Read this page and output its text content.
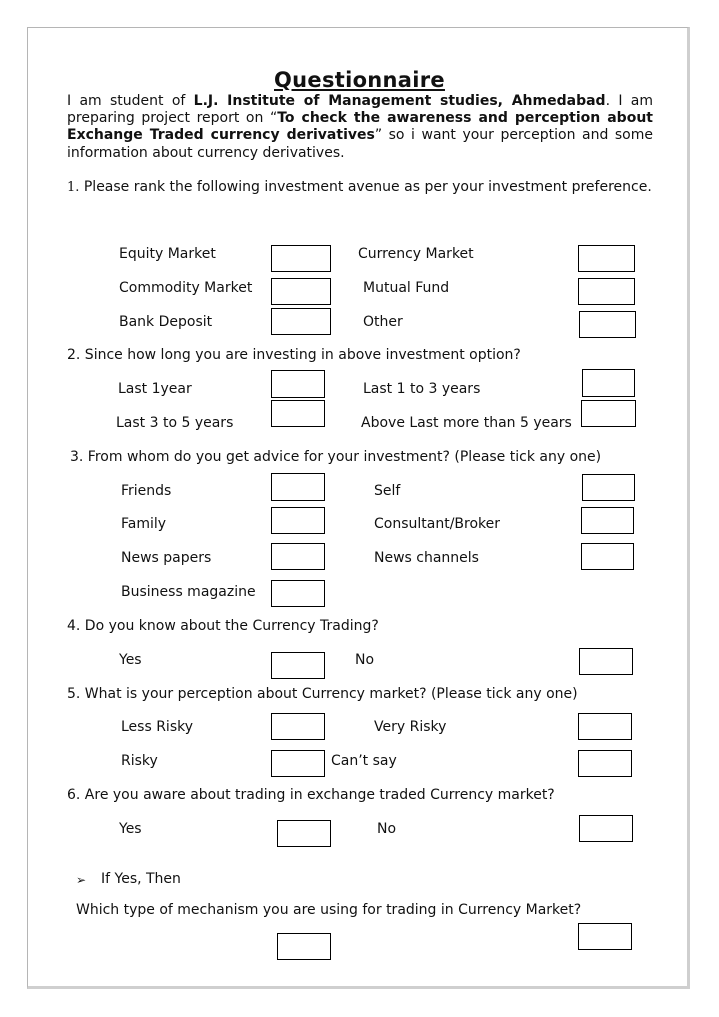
Questionnaire
I am student of L.J. Institute of Management studies, Ahmedabad. I am preparing project report on “To check the awareness and perception about Exchange Traded currency derivatives” so i want your perception and some information about currency derivatives.
1. Please rank the following investment avenue as per your investment preference.
Equity Market	Currency Market
Commodity Market	Mutual Fund
Bank Deposit	Other
2. Since how long you are investing in above investment option?
Last 1year	Last 1 to 3 years
Last 3 to 5 years	Above Last more than 5 years
3. From whom do you get advice for your investment? (Please tick any one)
Friends	Self
Family	Consultant/Broker
News papers	News channels
Business magazine
4. Do you know about the Currency Trading?
Yes	No
5. What is your perception about Currency market? (Please tick any one)
Less Risky	Very Risky
Risky	Can’t say
6. Are you aware about trading in exchange traded Currency market?
Yes	No
➢ If Yes, Then
Which type of mechanism you are using for trading in Currency Market?
